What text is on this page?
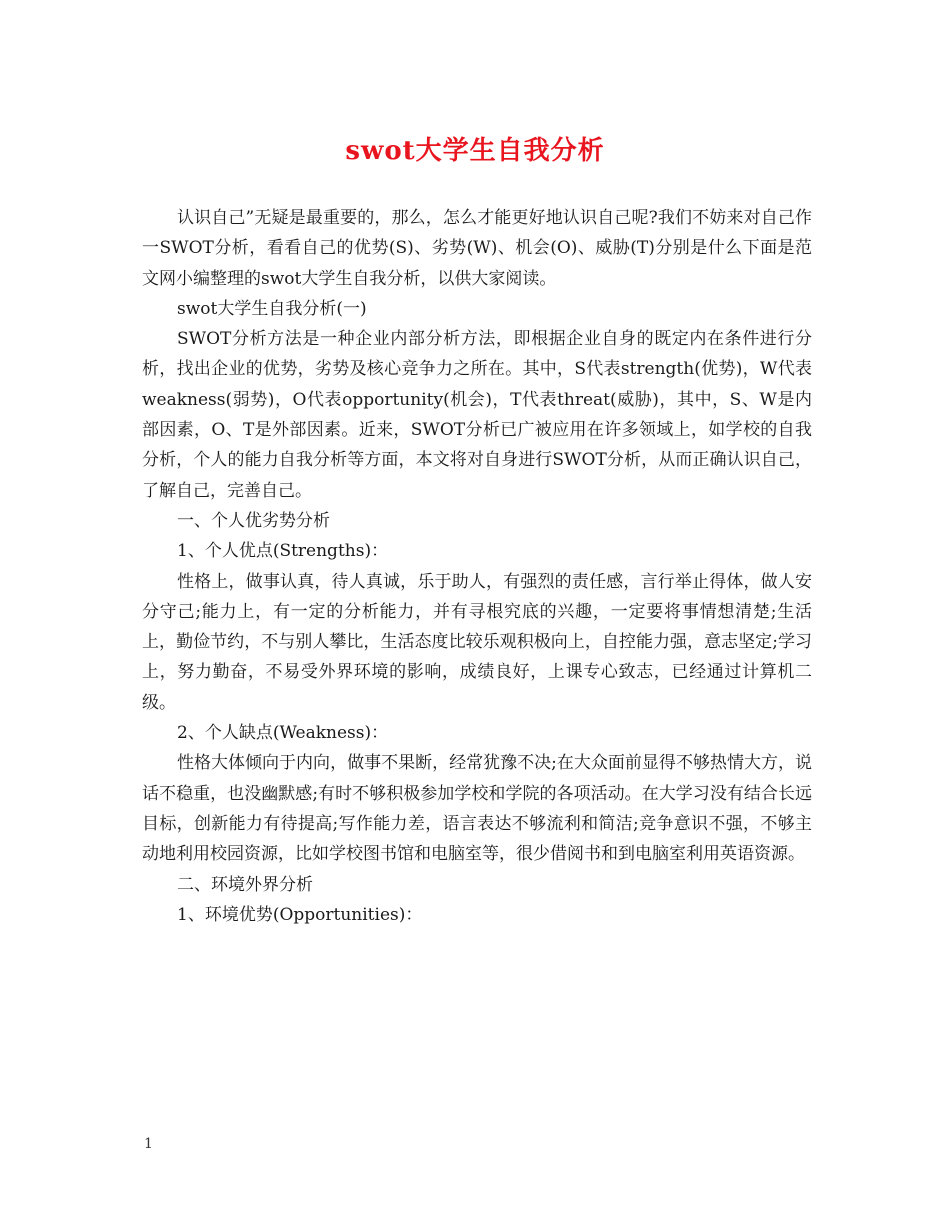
swot大学生自我分析

认识自己”无疑是最重要的，那么，怎么才能更好地认识自己呢?我们不妨来对自己作一SWOT分析，看看自己的优势(S)、劣势(W)、机会(O)、威胁(T)分别是什么下面是范文网小编整理的swot大学生自我分析，以供大家阅读。

swot大学生自我分析(一)

SWOT分析方法是一种企业内部分析方法，即根据企业自身的既定内在条件进行分析，找出企业的优势，劣势及核心竞争力之所在。其中，S代表strength(优势)，W代表weakness(弱势)，O代表opportunity(机会)，T代表threat(威胁)，其中，S、W是内部因素，O、T是外部因素。近来，SWOT分析已广被应用在许多领域上，如学校的自我分析，个人的能力自我分析等方面，本文将对自身进行SWOT分析，从而正确认识自己，了解自己，完善自己。

一、个人优劣势分析

1、个人优点(Strengths)：

性格上，做事认真，待人真诚，乐于助人，有强烈的责任感，言行举止得体，做人安分守己;能力上，有一定的分析能力，并有寻根究底的兴趣，一定要将事情想清楚;生活上，勤俭节约，不与别人攀比，生活态度比较乐观积极向上，自控能力强，意志坚定;学习上，努力勤奋，不易受外界环境的影响，成绩良好，上课专心致志，已经通过计算机二级。

2、个人缺点(Weakness)：

性格大体倾向于内向，做事不果断，经常犹豫不决;在大众面前显得不够热情大方，说话不稳重，也没幽默感;有时不够积极参加学校和学院的各项活动。在大学习没有结合长远目标，创新能力有待提高;写作能力差，语言表达不够流利和简洁;竞争意识不强，不够主动地利用校园资源，比如学校图书馆和电脑室等，很少借阅书和到电脑室利用英语资源。

二、环境外界分析

1、环境优势(Opportunities)：

1
